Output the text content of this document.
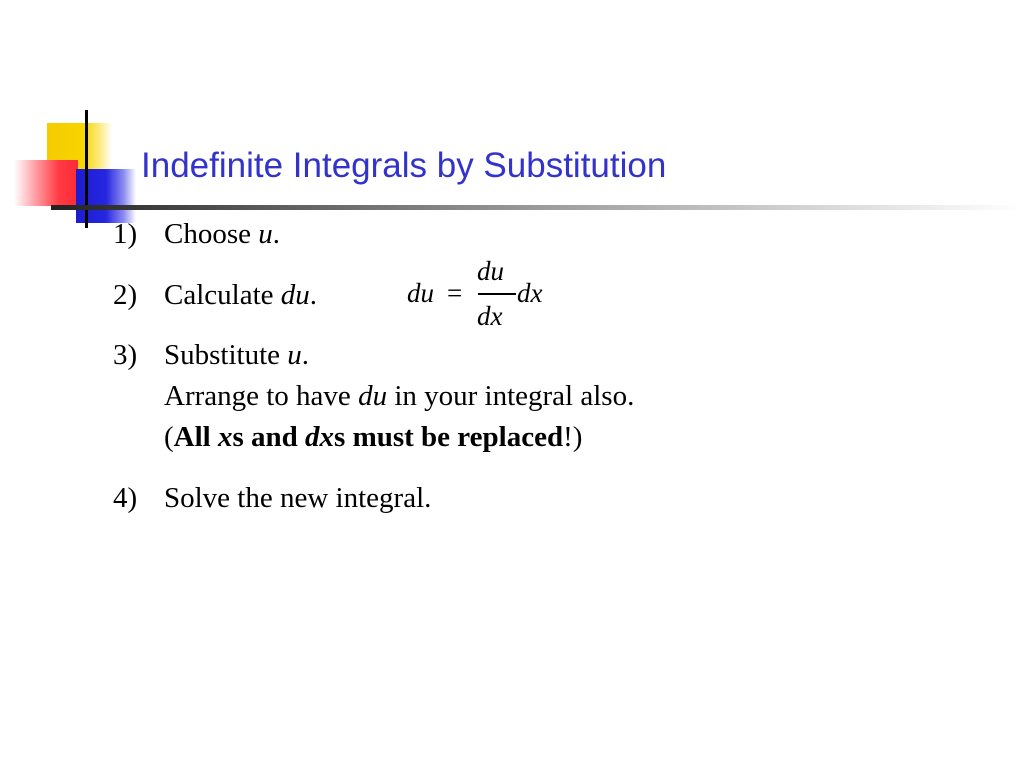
Indefinite Integrals by Substitution
1) Choose u.
2) Calculate du.
3) Substitute u.
Arrange to have du in your integral also.
(All xs and dxs must be replaced!)
4) Solve the new integral.
du =
du
dx
dx
